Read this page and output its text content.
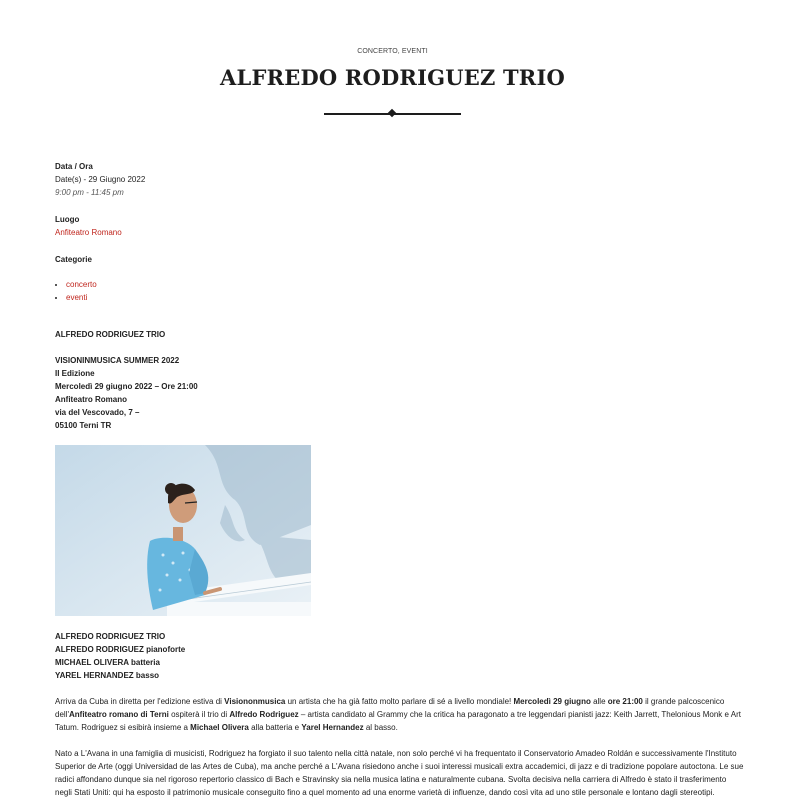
CONCERTO, EVENTI
ALFREDO RODRIGUEZ TRIO
Data / Ora
Date(s) - 29 Giugno 2022
9:00 pm - 11:45 pm
Luogo
Anfiteatro Romano
Categorie
• concerto
• eventi

ALFREDO RODRIGUEZ TRIO

VISIONINMUSICA SUMMER 2022

II Edizione

Mercoledì 29 giugno 2022 – Ore 21:00

Anfiteatro Romano

via del Vescovado, 7 –

05100 Terni TR

ALFREDO RODRIGUEZ TRIO

ALFREDO RODRIGUEZ pianoforte

MICHAEL OLIVERA batteria

YAREL HERNANDEZ basso

Arriva da Cuba in diretta per l'edizione estiva di Visiononmusica un artista che ha già fatto molto parlare di sé a livello mondiale! Mercoledì 29 giugno alle ore 21:00 il grande palcoscenico dell'Anfiteatro romano di Terni ospiterà il trio di Alfredo Rodriguez – artista candidato al Grammy che la critica ha paragonato a tre leggendari pianisti jazz: Keith Jarrett, Thelonious Monk e Art Tatum. Rodriguez si esibirà insieme a Michael Olivera alla batteria e Yarel Hernandez al basso.

Nato a L'Avana in una famiglia di musicisti, Rodriguez ha forgiato il suo talento nella città natale, non solo perché vi ha frequentato il Conservatorio Amadeo Roldán e successivamente l'Instituto Superior de Arte (oggi Universidad de las Artes de Cuba), ma anche perché a L'Avana risiedono anche i suoi interessi musicali extra accademici, di jazz e di tradizione popolare autoctona. Le sue radici affondano dunque sia nel rigoroso repertorio classico di Bach e Stravinsky sia nella musica latina e naturalmente cubana. Svolta decisiva nella carriera di Alfredo è stato il trasferimento negli Stati Uniti: qui ha esposto il patrimonio musicale conseguito fino a quel momento ad una enorme varietà di influenze, dando così vita ad uno stile personale e lontano dagli stereotipi.
